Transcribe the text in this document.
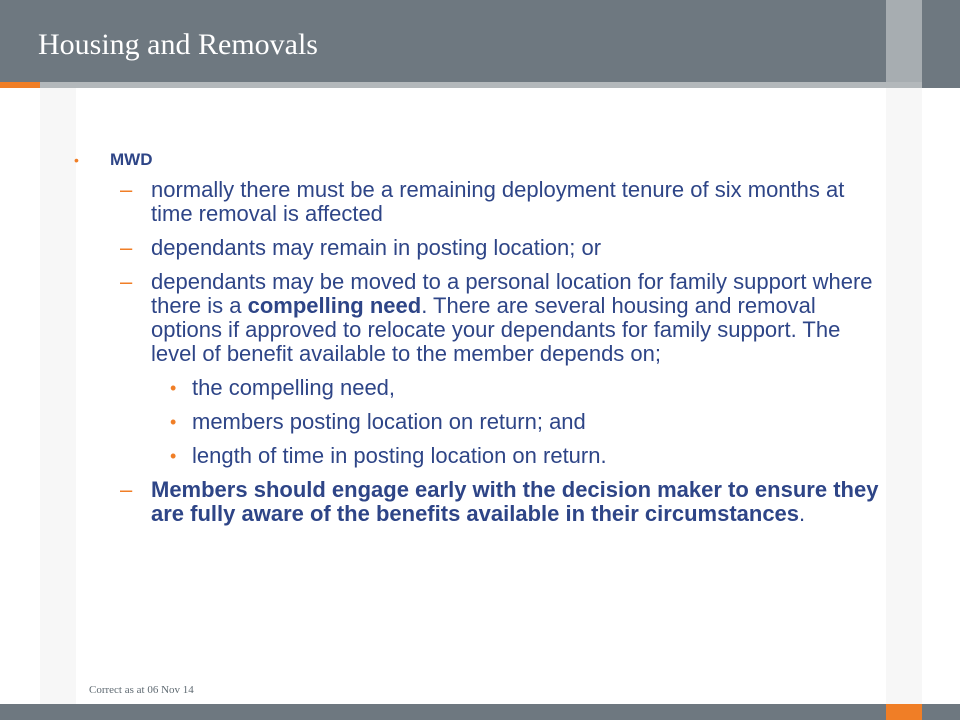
Housing and Removals
•	MWD
– normally there must be a remaining deployment tenure of six months at time removal is affected
– dependants may remain in posting location; or
– dependants may be moved to a personal location for family support where there is a compelling need. There are several housing and removal options if approved to relocate your dependants for family support. The level of benefit available to the member depends on;
• the compelling need,
• members posting location on return; and
• length of time in posting location on return.
– Members should engage early with the decision maker to ensure they are fully aware of the benefits available in their circumstances.
Correct as at 06 Nov 14
